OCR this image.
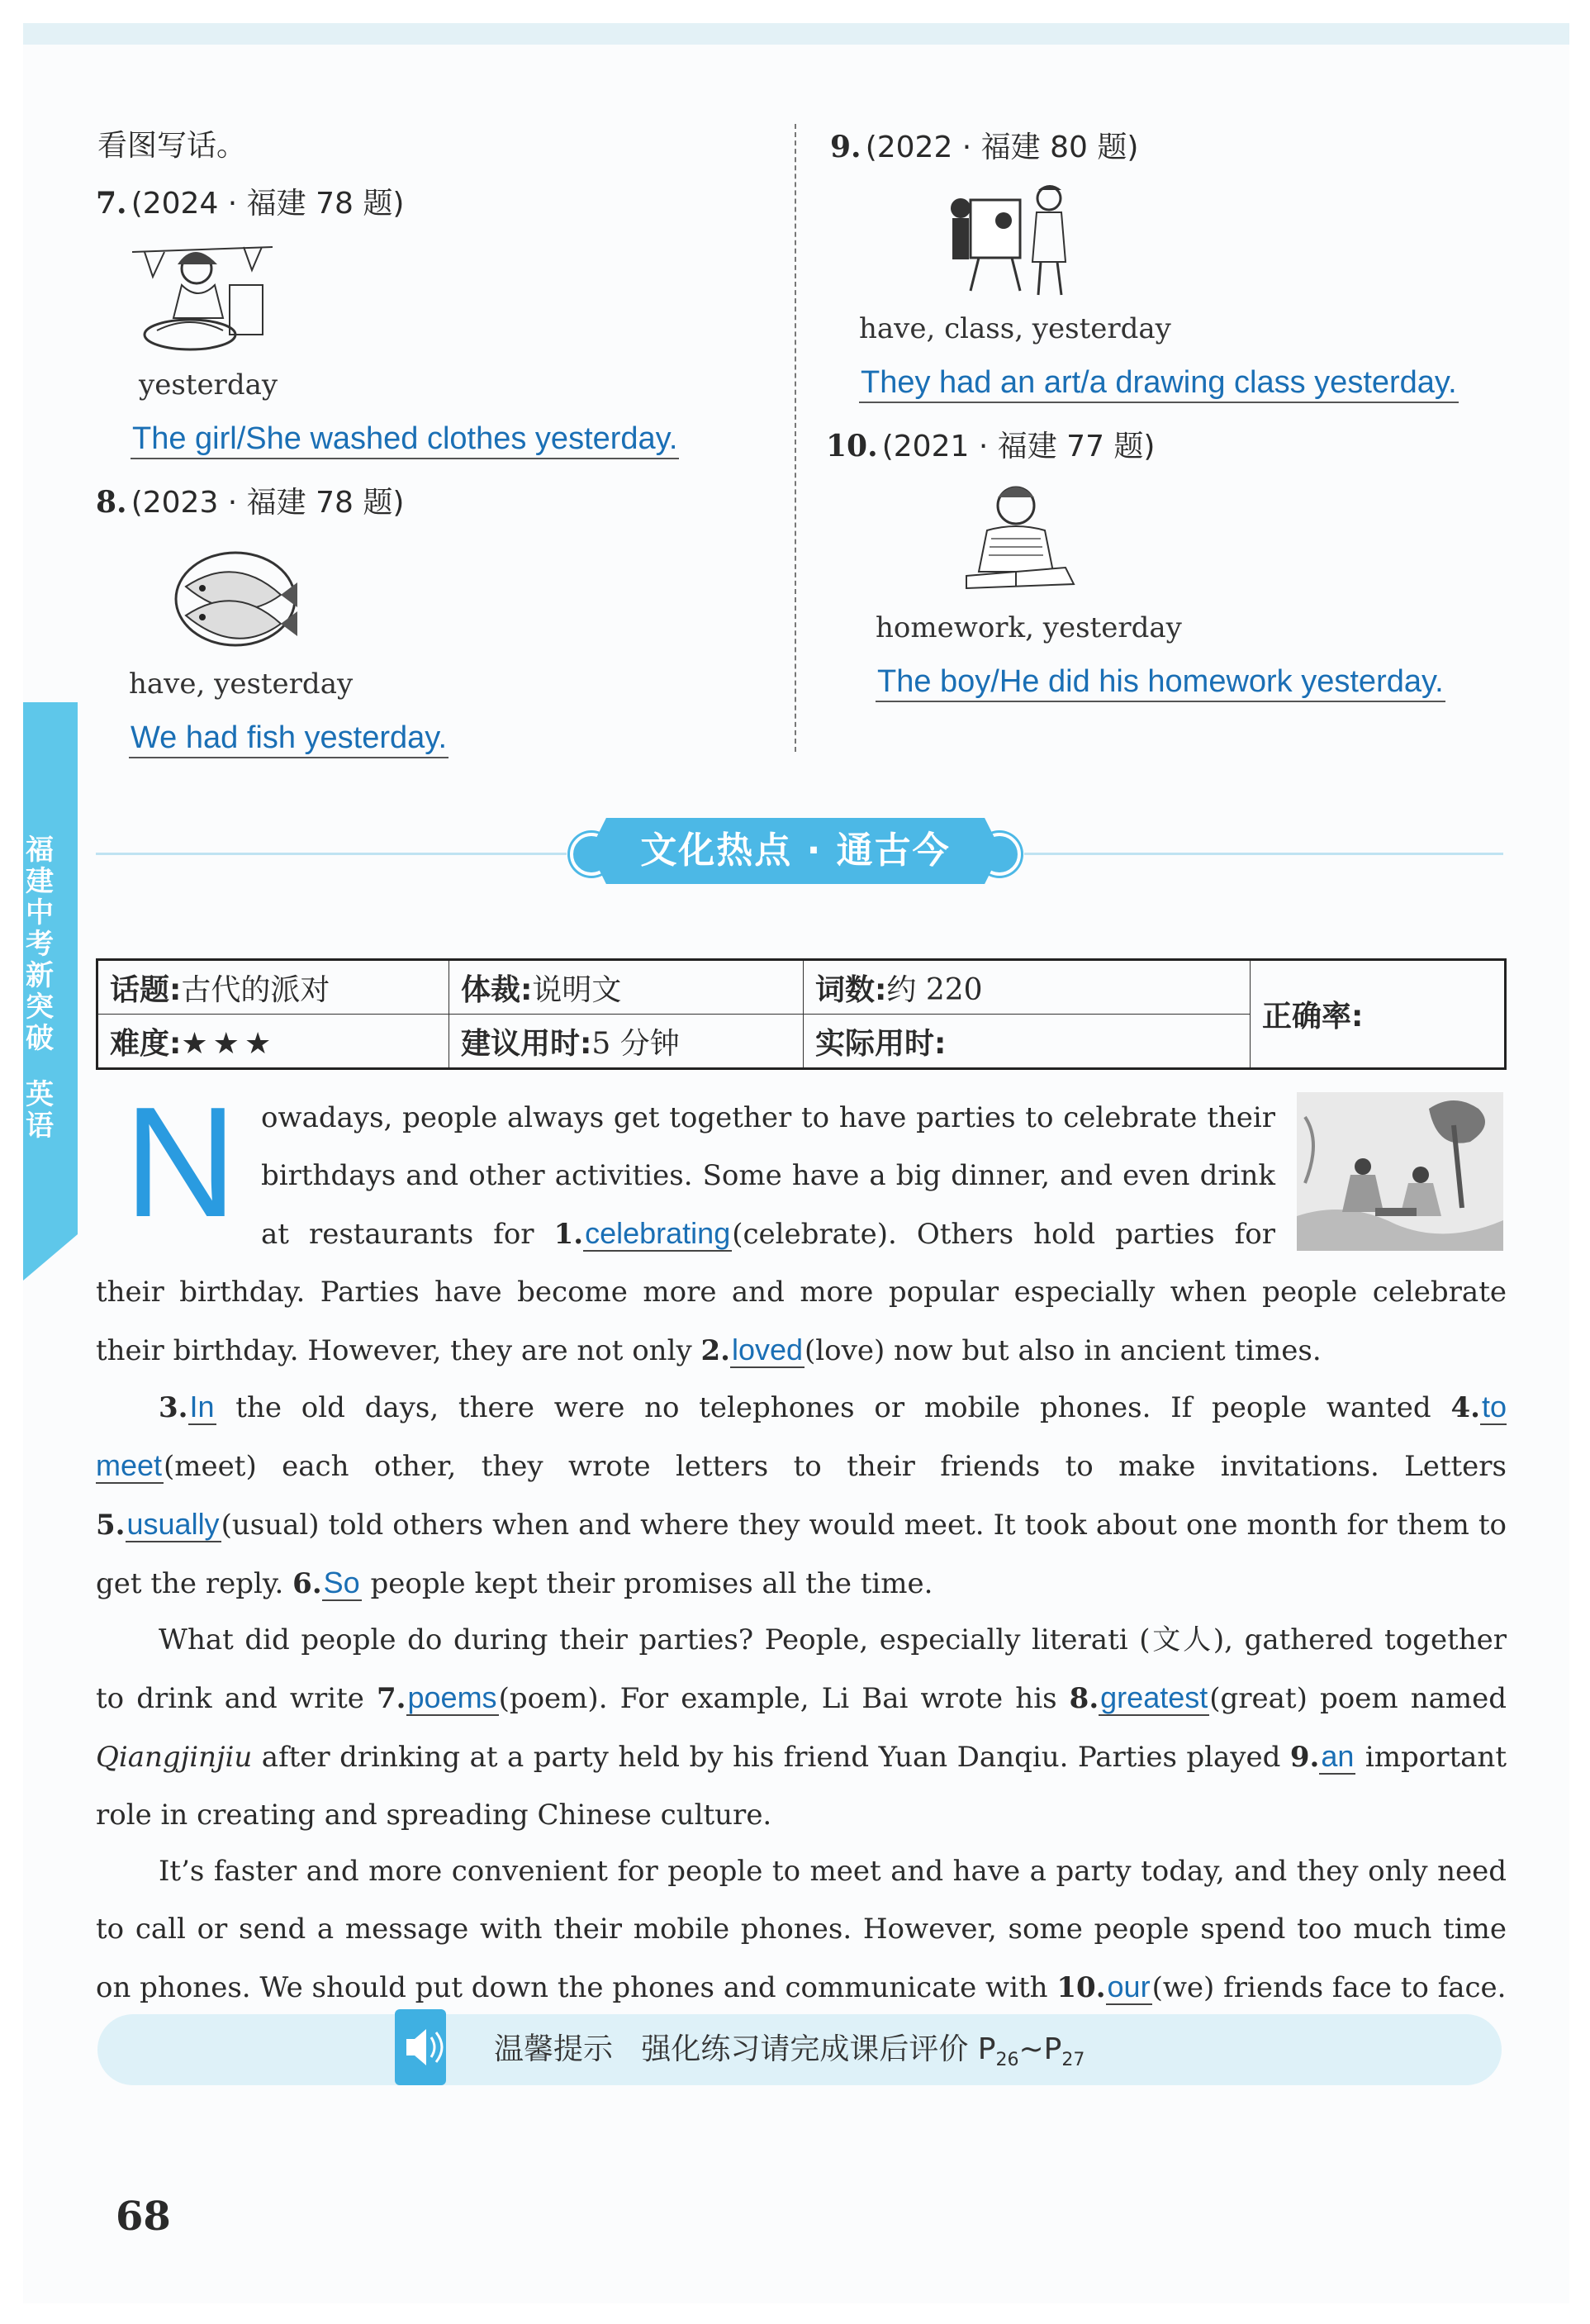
福建中考新突破
英语
看图写话。
7. (2024 · 福建 78 题)
yesterday
The girl/She washed clothes yesterday.
8. (2023 · 福建 78 题)
have, yesterday
We had fish yesterday.
9. (2022 · 福建 80 题)
have, class, yesterday
They had an art/a drawing class yesterday.
10. (2021 · 福建 77 题)
homework, yesterday
The boy/He did his homework yesterday.
文化热点 · 通古今
话题:古代的派对	体裁:说明文	词数:约 220	正确率:
难度:★★★	建议用时:5 分钟	实际用时:	
N owadays, people always get together to have parties to celebrate their birthdays and other activities. Some have a big dinner, and even drink at restaurants for 1.celebrating(celebrate). Others hold parties for their birthday. Parties have become more and more popular especially when people celebrate their birthday. However, they are not only 2.loved(love) now but also in ancient times.
3.In the old days, there were no telephones or mobile phones. If people wanted 4.to meet(meet) each other, they wrote letters to their friends to make invitations. Letters 5.usually(usual) told others when and where they would meet. It took about one month for them to get the reply. 6.So people kept their promises all the time.
What did people do during their parties? People, especially literati (文人), gathered together to drink and write 7.poems(poem). For example, Li Bai wrote his 8.greatest(great) poem named Qiangjinjiu after drinking at a party held by his friend Yuan Danqiu. Parties played 9.an important role in creating and spreading Chinese culture.
It’s faster and more convenient for people to meet and have a party today, and they only need to call or send a message with their mobile phones. However, some people spend too much time on phones. We should put down the phones and communicate with 10.our(we) friends face to face.
温馨提示 强化练习请完成课后评价 $P_{26}\sim P_{27}$
68
